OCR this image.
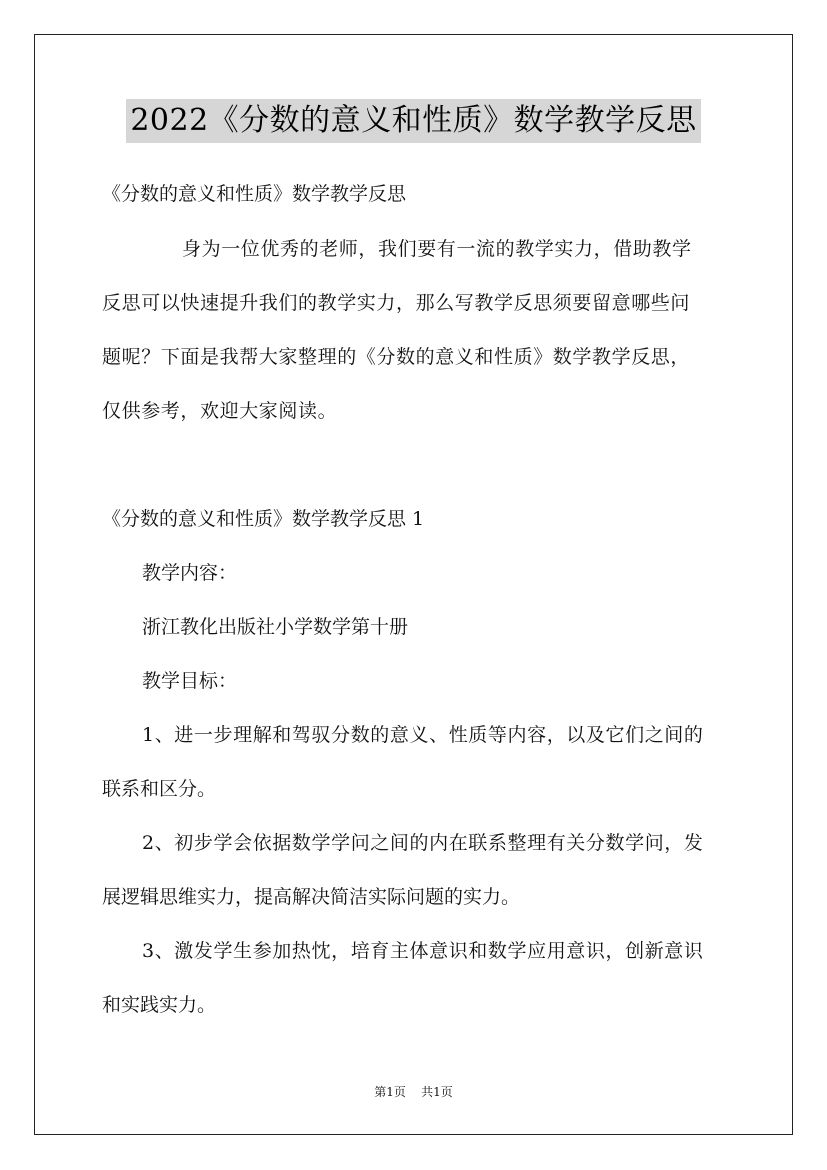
2022《分数的意义和性质》数学教学反思
《分数的意义和性质》数学教学反思
身为一位优秀的老师，我们要有一流的教学实力，借助教学
反思可以快速提升我们的教学实力，那么写教学反思须要留意哪些问
题呢？下面是我帮大家整理的《分数的意义和性质》数学教学反思，
仅供参考，欢迎大家阅读。
《分数的意义和性质》数学教学反思 1
教学内容：
浙江教化出版社小学数学第十册
教学目标：
1、进一步理解和驾驭分数的意义、性质等内容，以及它们之间的
联系和区分。
2、初步学会依据数学学问之间的内在联系整理有关分数学问，发
展逻辑思维实力，提高解决简洁实际问题的实力。
3、激发学生参加热忱，培育主体意识和数学应用意识，创新意识
和实践实力。
第1页 共1页
